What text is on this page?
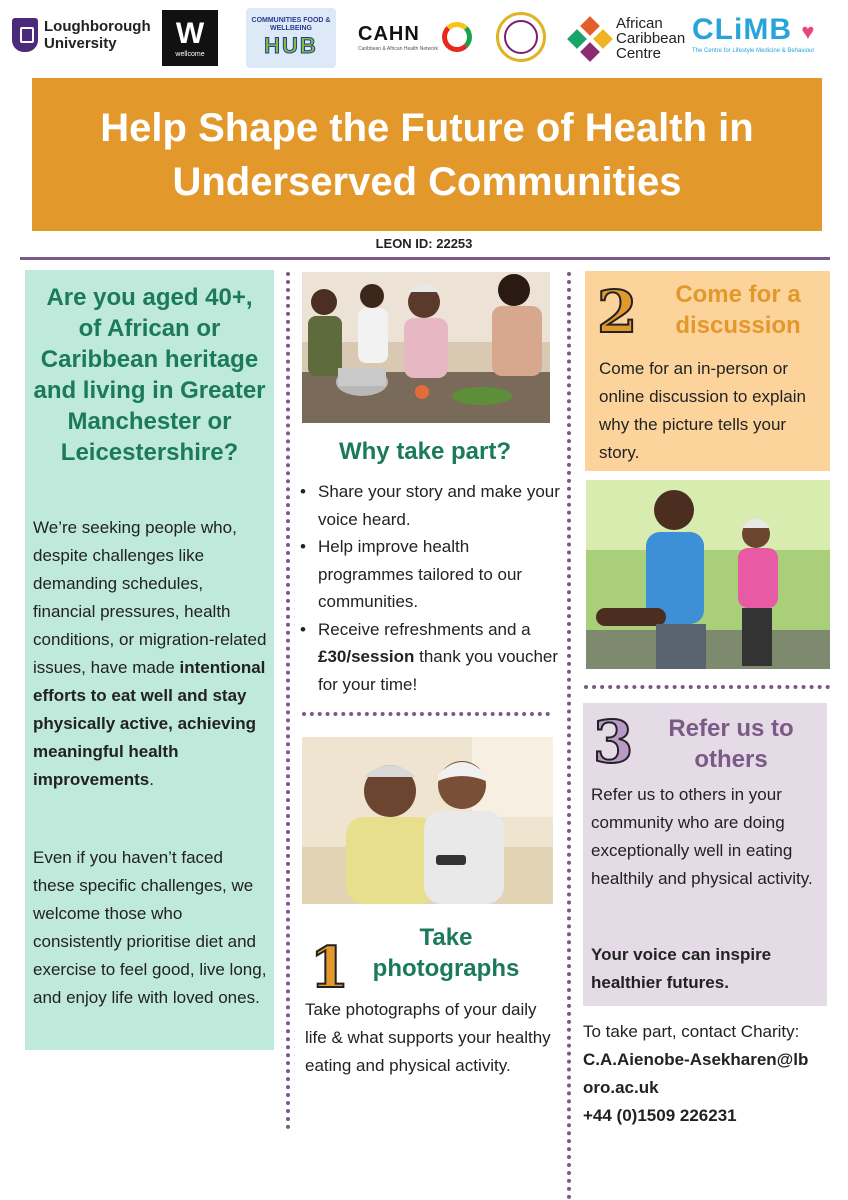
Loughborough
University	W
wellcome
COMMUNITIES FOOD & WELLBEING
HUB CAHN
Caribbean & African Health Network
African
Caribbean
Centre
CLiMB ♥
The Centre for Lifestyle Medicine & Behaviour
Help Shape the Future of Health in Underserved Communities
LEON ID: 22253
Are you aged 40+, of African or Caribbean heritage and living in Greater Manchester or Leicestershire?
We’re seeking people who, despite challenges like demanding schedules, financial pressures, health conditions, or migration-related issues, have made intentional efforts to eat well and stay physically active, achieving meaningful health improvements.
Even if you haven’t faced these specific challenges, we welcome those who consistently prioritise diet and exercise to feel good, live long, and enjoy life with loved ones.
Why take part?
• Share your story and make your voice heard.
• Help improve health programmes tailored to our communities.
• Receive refreshments and a £30/session thank you voucher for your time!
1	Take photographs
Take photographs of your daily life & what supports your healthy eating and physical activity.
2	Come for a discussion
Come for an in-person or online discussion to explain why the picture tells your story.
3	Refer us to others
Refer us to others in your community who are doing exceptionally well in eating healthily and physical activity.
Your voice can inspire healthier futures.
To take part, contact Charity:
C.A.Aienobe-Asekharen@lboro.ac.uk
+44 (0)1509 226231
